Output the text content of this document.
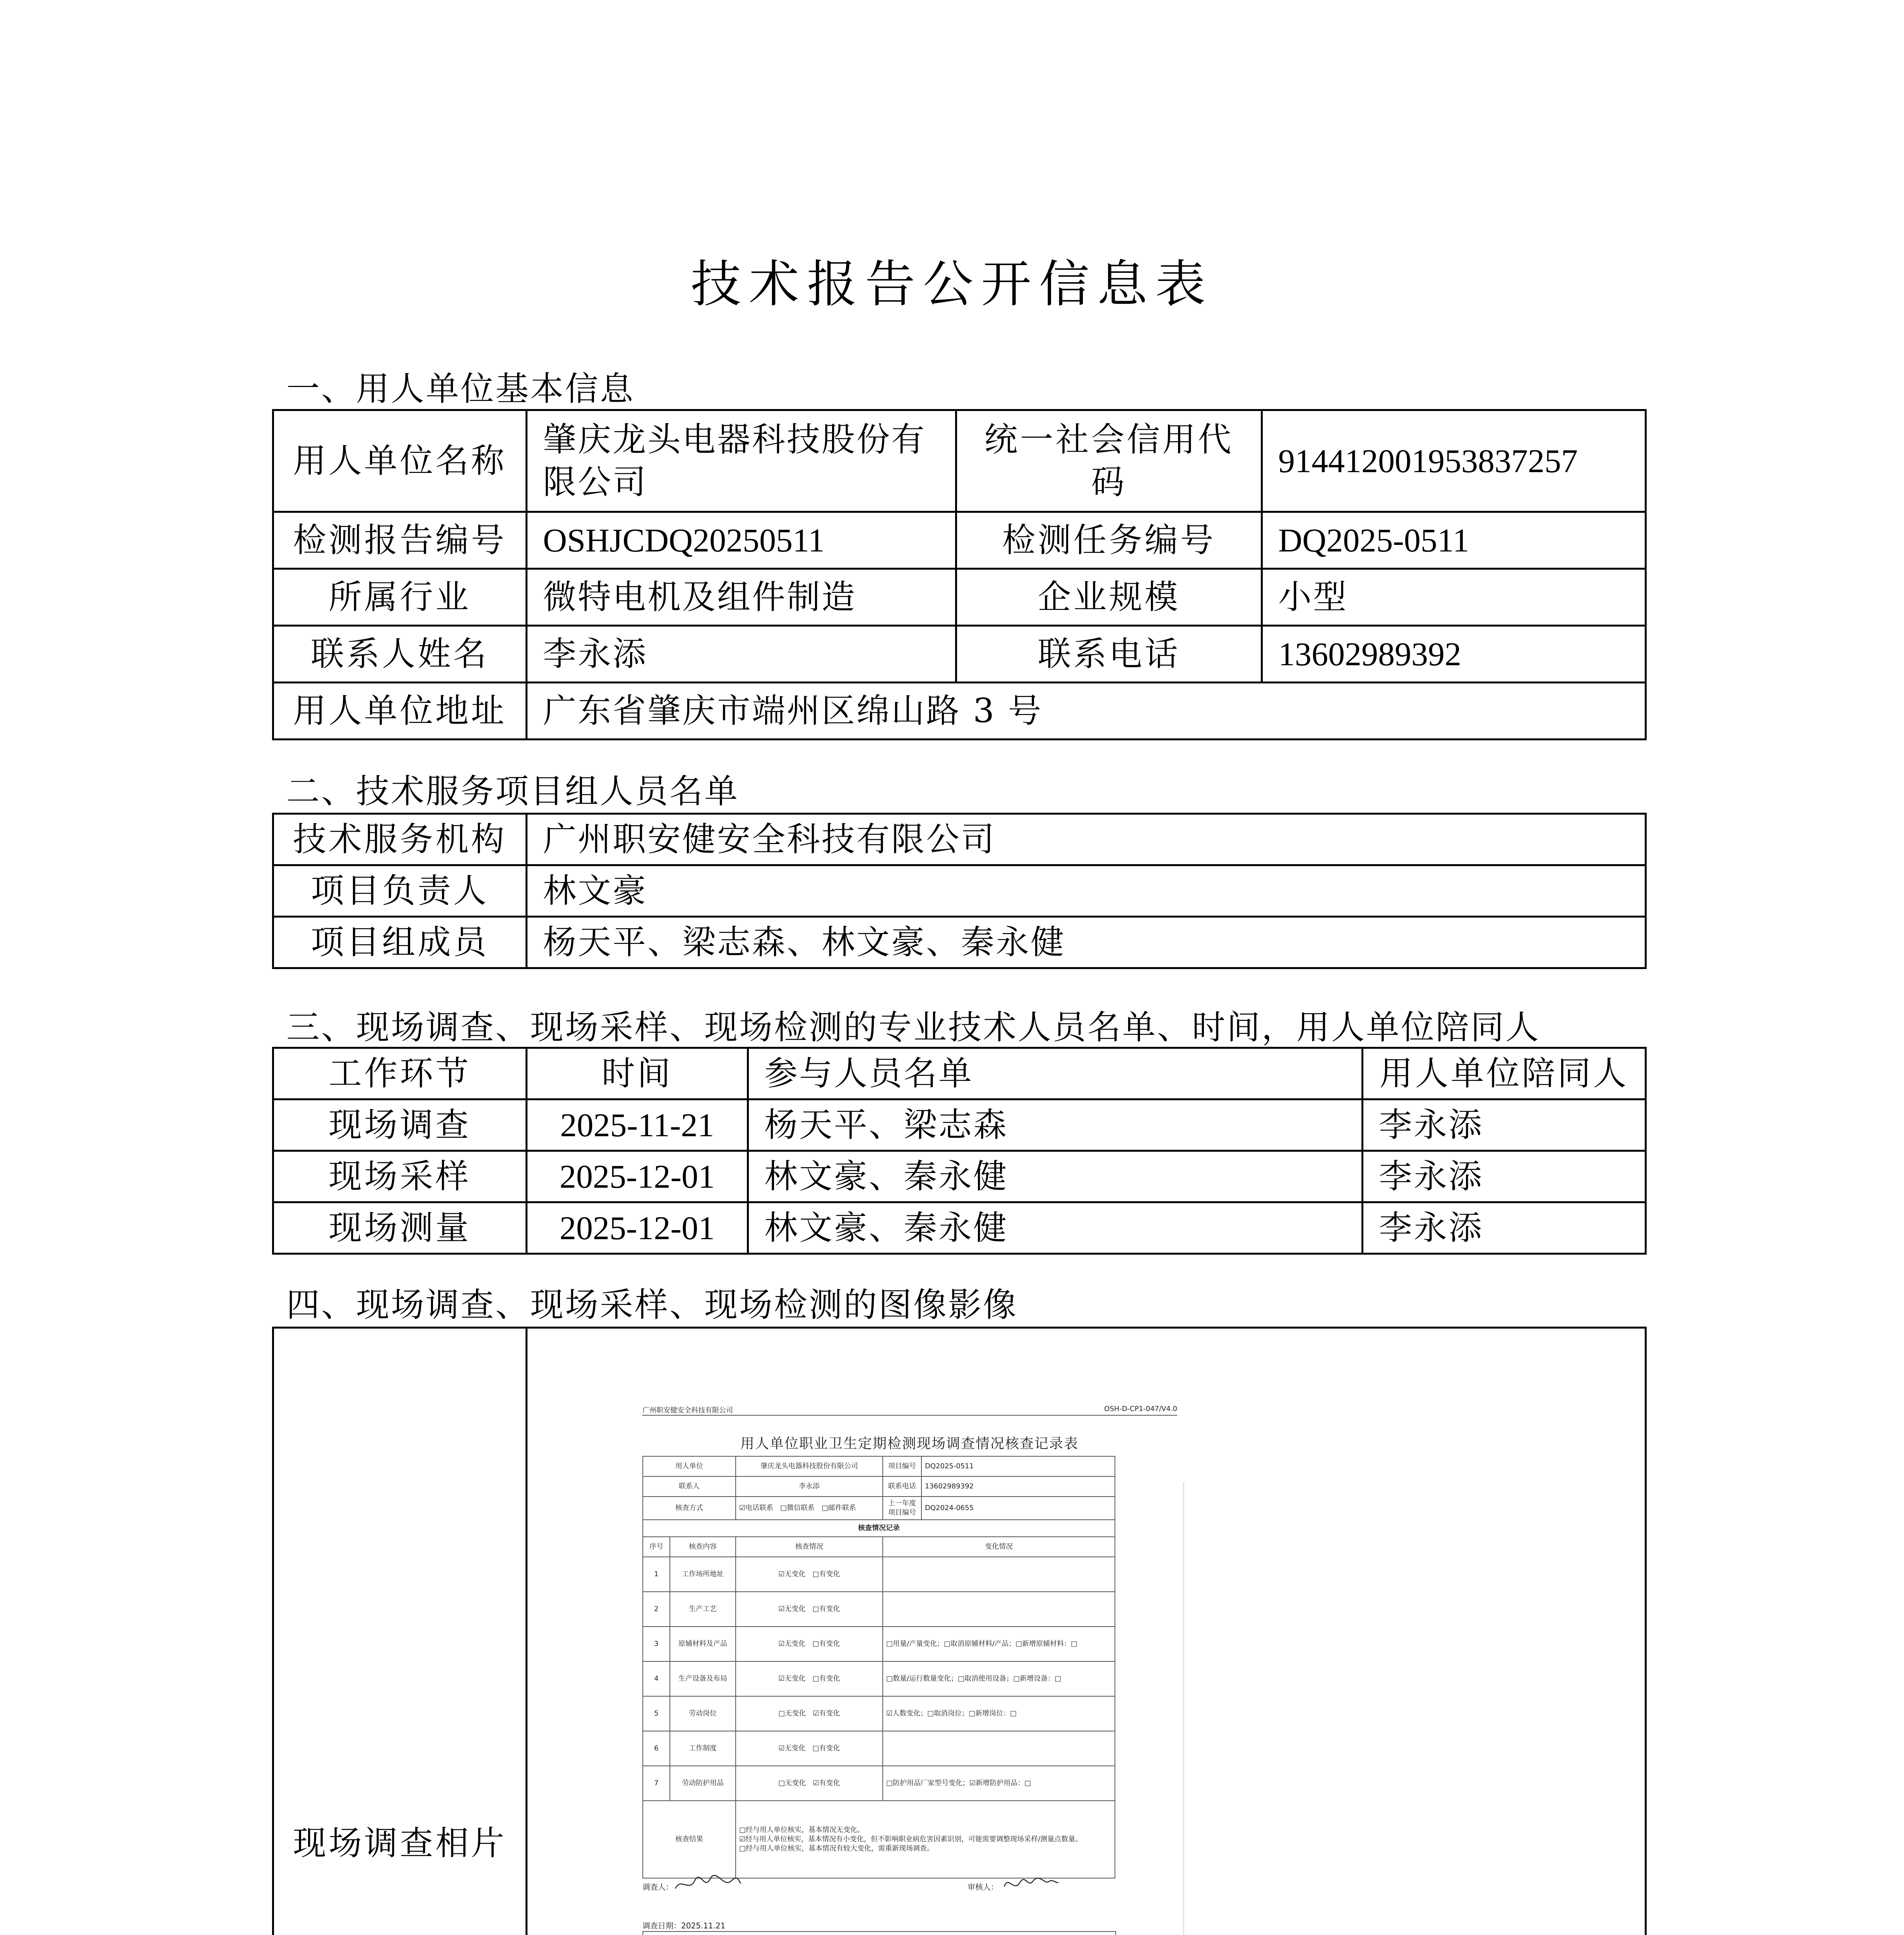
技术报告公开信息表
一、用人单位基本信息
用人单位名称	肇庆龙头电器科技股份有限公司	统一社会信用代码	914412001953837257
检测报告编号	OSHJCDQ20250511	检测任务编号	DQ2025-0511
所属行业	微特电机及组件制造	企业规模	小型
联系人姓名	李永添	联系电话	13602989392
用人单位地址	广东省肇庆市端州区绵山路 3 号		
二、技术服务项目组人员名单
技术服务机构	广州职安健安全科技有限公司
项目负责人	林文豪
项目组成员	杨天平、梁志森、林文豪、秦永健
三、现场调查、现场采样、现场检测的专业技术人员名单、时间，用人单位陪同人
工作环节	时间	参与人员名单	用人单位陪同人
现场调查	2025-11-21	杨天平、梁志森	李永添
现场采样	2025-12-01	林文豪、秦永健	李永添
现场测量	2025-12-01	林文豪、秦永健	李永添
四、现场调查、现场采样、现场检测的图像影像
现场调查相片	
广州职安健安全科技有限公司	OSH-D-CP1-047/V4.0
用人单位职业卫生定期检测现场调查情况核查记录表
用人单位		肇庆龙头电器科技股份有限公司	项目编号	DQ2025-0511
联系人		李永添	联系电话	13602989392
核查方式		☑电话联系　□微信联系　□邮件联系	上一年度项目编号	DQ2024-0655
核查情况记录				
序号	核查内容	核查情况	变化情况	
1	工作场所地址	☑无变化　□有变化		
2	生产工艺	☑无变化　□有变化		
3	原辅材料及产品	☑无变化　□有变化	□用量/产量变化；□取消原辅材料/产品；□新增原辅材料：□	
4	生产设备及布局	☑无变化　□有变化	□数量/运行数量变化；□取消使用设备；□新增设备：□	
5	劳动岗位	□无变化　☑有变化	☑人数变化；□取消岗位；□新增岗位：□	
6	工作制度	☑无变化　□有变化		
7	劳动防护用品	□无变化　☑有变化	□防护用品厂家型号变化；☑新增防护用品：□	
核查结果		□经与用人单位核实，基本情况无变化。
☑经与用人单位核实，基本情况有小变化，但不影响职业病危害因素识别，可能需要调整现场采样/测量点数量。
□经与用人单位核实，基本情况有较大变化，需重新现场调查。		
调查人：	审核人：
调查日期：2025.11.21
